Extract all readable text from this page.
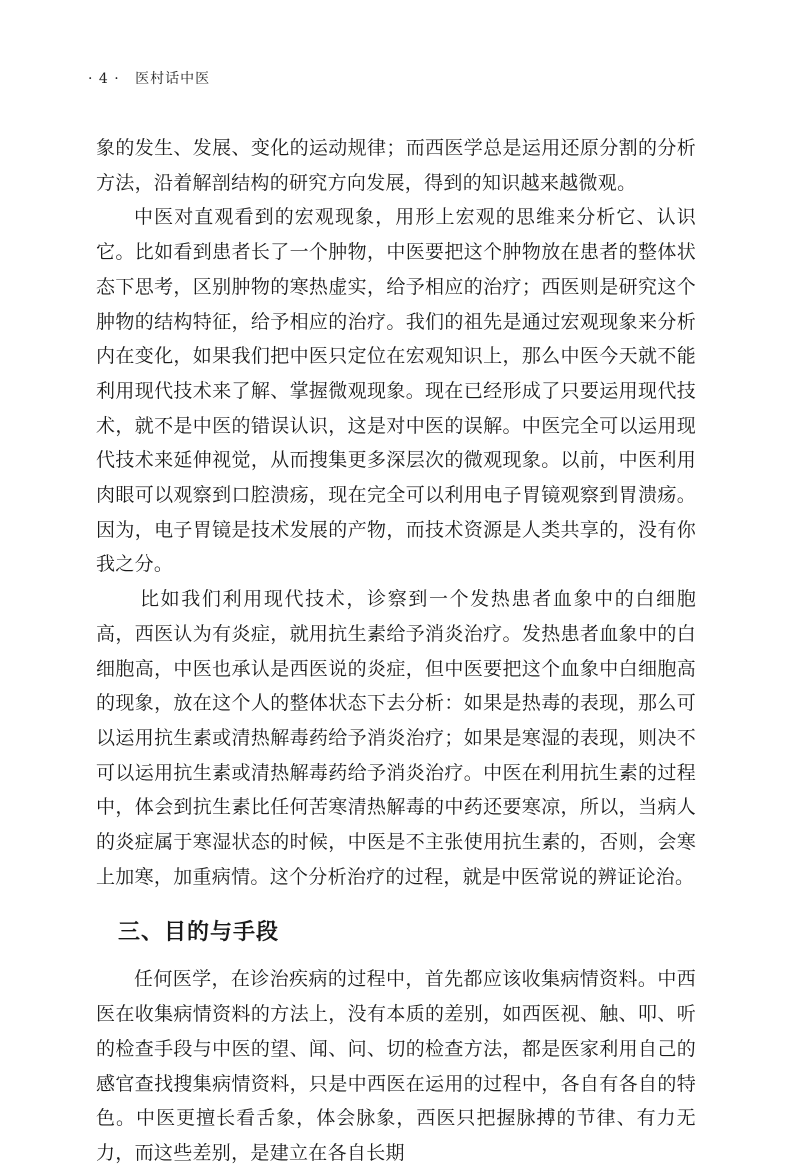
· 4 · 医村话中医

象的发生、发展、变化的运动规律；而西医学总是运用还原分割的分析方法，沿着解剖结构的研究方向发展，得到的知识越来越微观。

中医对直观看到的宏观现象，用形上宏观的思维来分析它、认识它。比如看到患者长了一个肿物，中医要把这个肿物放在患者的整体状态下思考，区别肿物的寒热虚实，给予相应的治疗；西医则是研究这个肿物的结构特征，给予相应的治疗。我们的祖先是通过宏观现象来分析内在变化，如果我们把中医只定位在宏观知识上，那么中医今天就不能利用现代技术来了解、掌握微观现象。现在已经形成了只要运用现代技术，就不是中医的错误认识，这是对中医的误解。中医完全可以运用现代技术来延伸视觉，从而搜集更多深层次的微观现象。以前，中医利用肉眼可以观察到口腔溃疡，现在完全可以利用电子胃镜观察到胃溃疡。因为，电子胃镜是技术发展的产物，而技术资源是人类共享的，没有你我之分。

比如我们利用现代技术，诊察到一个发热患者血象中的白细胞高，西医认为有炎症，就用抗生素给予消炎治疗。发热患者血象中的白细胞高，中医也承认是西医说的炎症，但中医要把这个血象中白细胞高的现象，放在这个人的整体状态下去分析：如果是热毒的表现，那么可以运用抗生素或清热解毒药给予消炎治疗；如果是寒湿的表现，则决不可以运用抗生素或清热解毒药给予消炎治疗。中医在利用抗生素的过程中，体会到抗生素比任何苦寒清热解毒的中药还要寒凉，所以，当病人的炎症属于寒湿状态的时候，中医是不主张使用抗生素的，否则，会寒上加寒，加重病情。这个分析治疗的过程，就是中医常说的辨证论治。

三、目的与手段

任何医学，在诊治疾病的过程中，首先都应该收集病情资料。中西医在收集病情资料的方法上，没有本质的差别，如西医视、触、叩、听的检查手段与中医的望、闻、问、切的检查方法，都是医家利用自己的感官查找搜集病情资料，只是中西医在运用的过程中，各自有各自的特色。中医更擅长看舌象，体会脉象，西医只把握脉搏的节律、有力无力，而这些差别，是建立在各自长期
